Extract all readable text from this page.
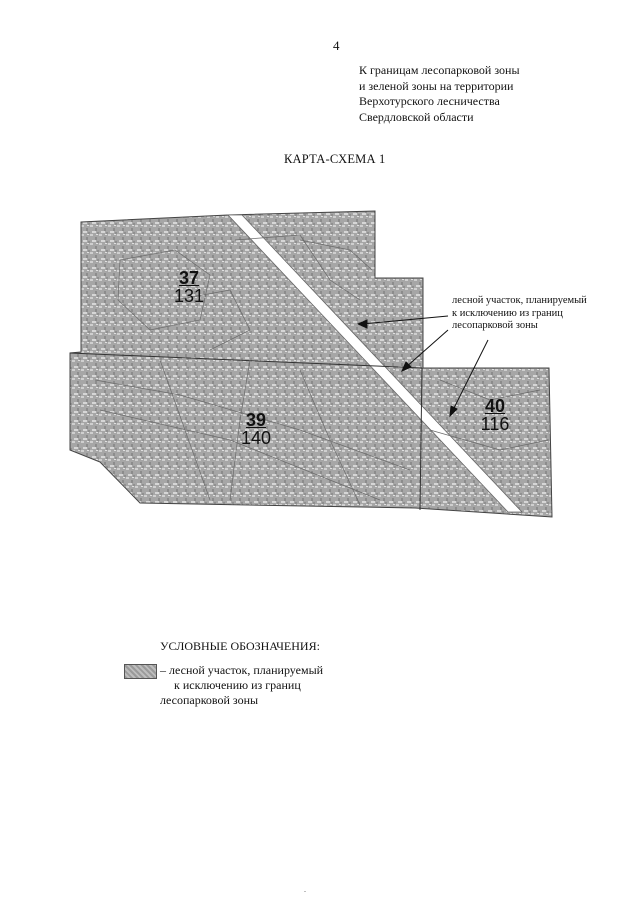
4
К границам лесопарковой зоны
и зеленой зоны на территории
Верхотурского лесничества
Свердловской области
КАРТА-СХЕМА 1
37
131
39
140
40
116
лесной участок, планируемый
к исключению из границ
лесопарковой зоны
УСЛОВНЫЕ ОБОЗНАЧЕНИЯ:
– лесной участок, планируемый
к исключению из границ
лесопарковой зоны
.
